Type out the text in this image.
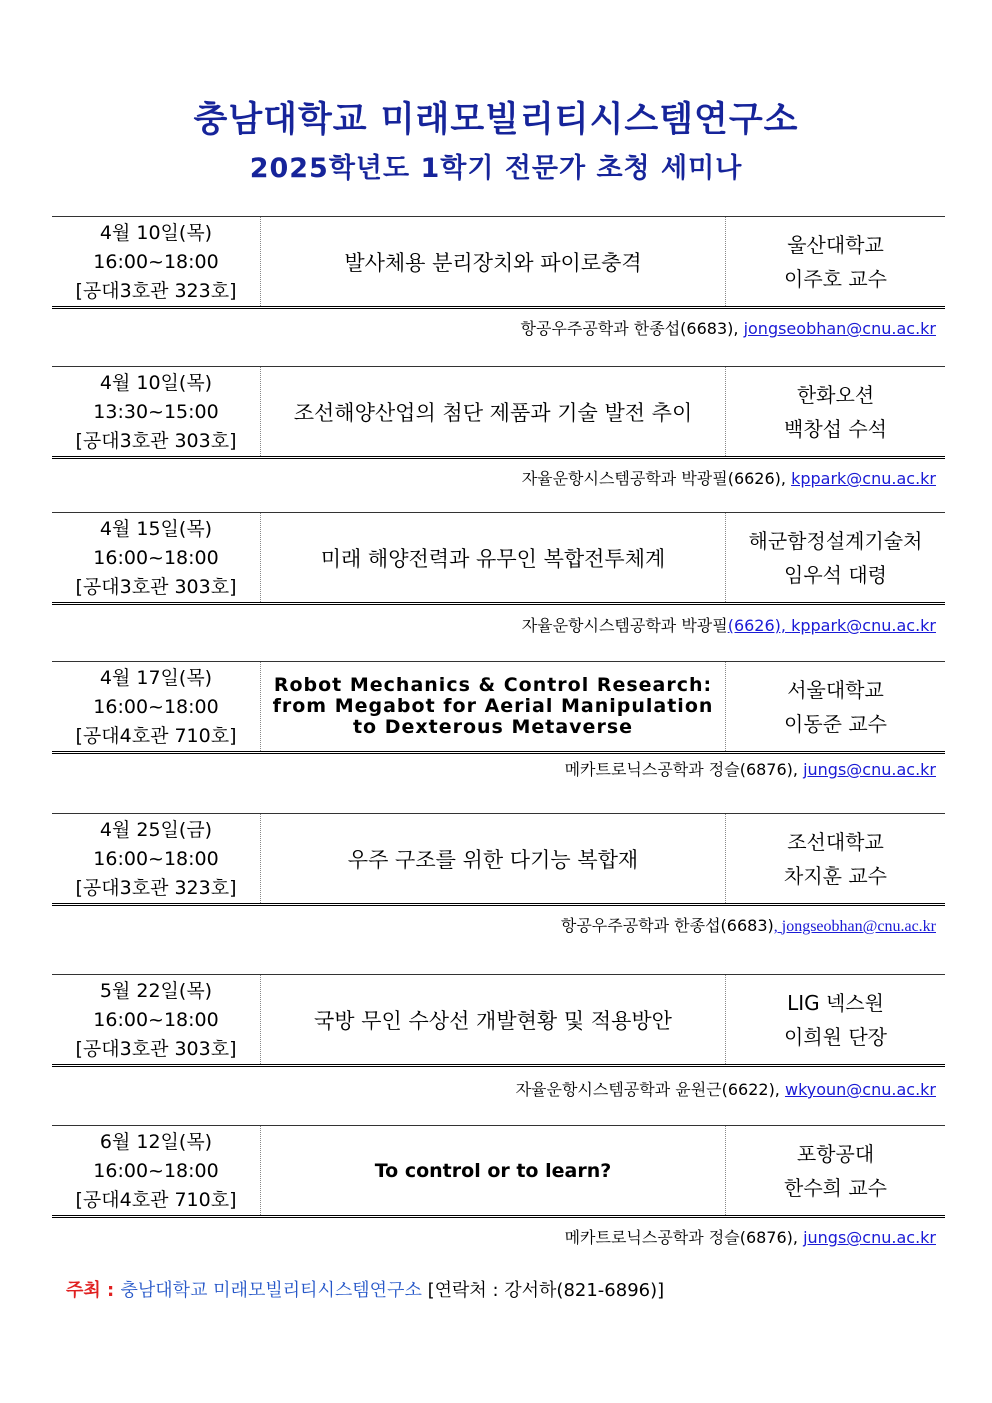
충남대학교 미래모빌리티시스템연구소
2025학년도 1학기 전문가 초청 세미나
4월 10일(목)
16:00~18:00
[공대3호관 323호]
발사체용 분리장치와 파이로충격
울산대학교
이주호 교수
항공우주공학과 한종섭(6683), jongseobhan@cnu.ac.kr
4월 10일(목)
13:30~15:00
[공대3호관 303호]
조선해양산업의 첨단 제품과 기술 발전 추이
한화오션
백창섭 수석
자율운항시스템공학과 박광필(6626), kppark@cnu.ac.kr
4월 15일(목)
16:00~18:00
[공대3호관 303호]
미래 해양전력과 유무인 복합전투체계
해군함정설계기술처
임우석 대령
자율운항시스템공학과 박광필(6626), kppark@cnu.ac.kr
4월 17일(목)
16:00~18:00
[공대4호관 710호]
Robot Mechanics & Control Research:
from Megabot for Aerial Manipulation
to Dexterous Metaverse
서울대학교
이동준 교수
메카트로닉스공학과 정슬(6876), jungs@cnu.ac.kr
4월 25일(금)
16:00~18:00
[공대3호관 323호]
우주 구조를 위한 다기능 복합재
조선대학교
차지훈 교수
항공우주공학과 한종섭(6683), jongseobhan@cnu.ac.kr
5월 22일(목)
16:00~18:00
[공대3호관 303호]
국방 무인 수상선 개발현황 및 적용방안
LIG 넥스원
이희원 단장
자율운항시스템공학과 윤원근(6622), wkyoun@cnu.ac.kr
6월 12일(목)
16:00~18:00
[공대4호관 710호]
To control or to learn?
포항공대
한수희 교수
메카트로닉스공학과 정슬(6876), jungs@cnu.ac.kr
주최 : 충남대학교 미래모빌리티시스템연구소 [연락처 : 강서하(821-6896)]
